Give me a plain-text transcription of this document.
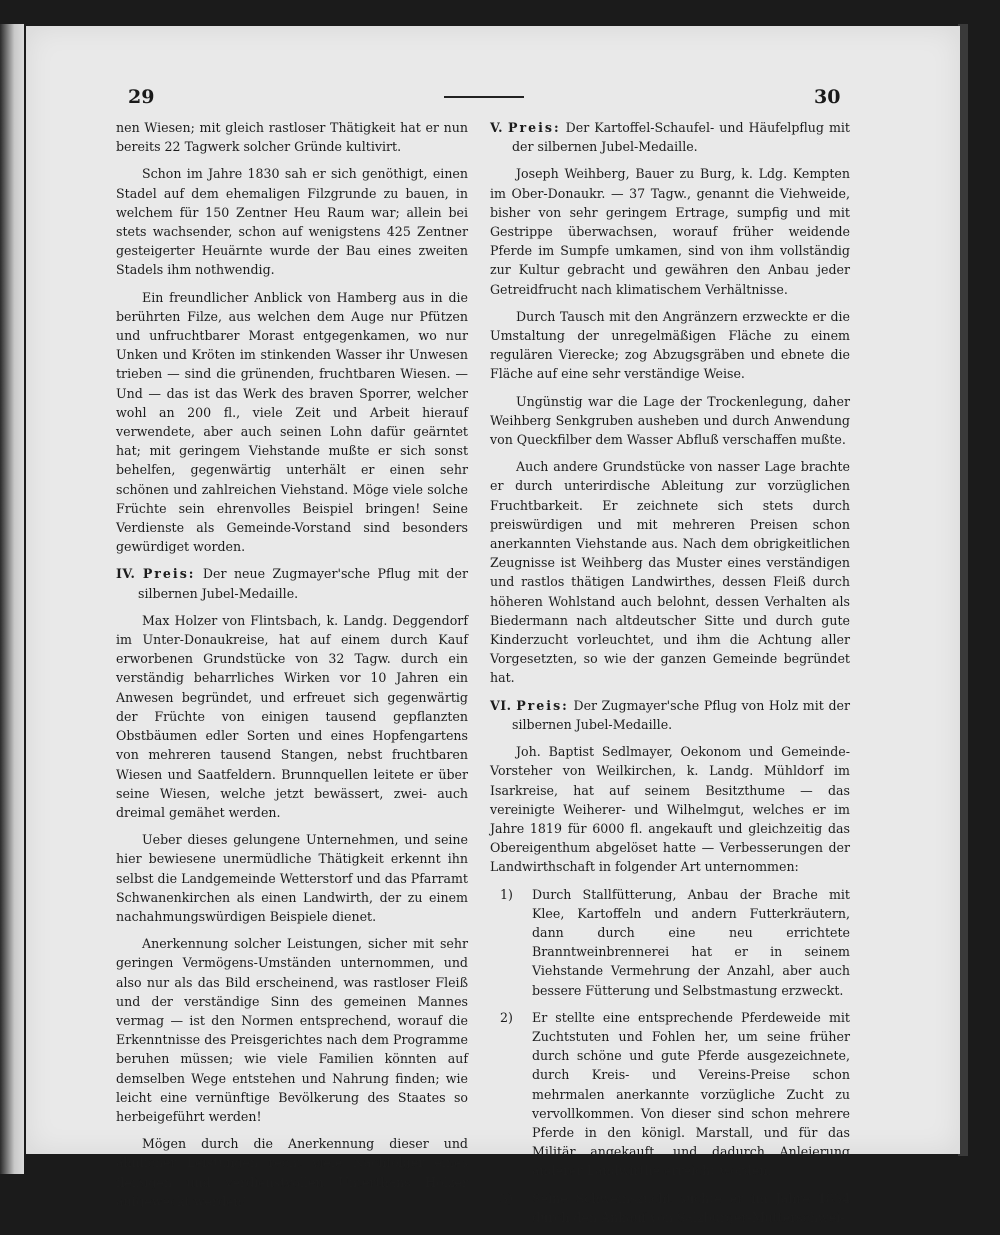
29	30

nen Wiesen; mit gleich rastloser Thätigkeit hat er nun bereits 22 Tagwerk solcher Gründe kultivirt.

Schon im Jahre 1830 sah er sich genöthigt, einen Stadel auf dem ehemaligen Filzgrunde zu bauen, in welchem für 150 Zentner Heu Raum war; allein bei stets wachsender, schon auf wenigstens 425 Zentner gesteigerter Heuärnte wurde der Bau eines zweiten Stadels ihm nothwendig.

Ein freundlicher Anblick von Hamberg aus in die berührten Filze, aus welchen dem Auge nur Pfützen und unfruchtbarer Morast entgegenkamen, wo nur Unken und Kröten im stinkenden Wasser ihr Unwesen trieben — sind die grünenden, fruchtbaren Wiesen. — Und — das ist das Werk des braven Sporrer, welcher wohl an 200 fl., viele Zeit und Arbeit hierauf verwendete, aber auch seinen Lohn dafür geärntet hat; mit geringem Viehstande mußte er sich sonst behelfen, gegenwärtig unterhält er einen sehr schönen und zahlreichen Viehstand. Möge viele solche Früchte sein ehrenvolles Beispiel bringen! Seine Verdienste als Gemeinde-Vorstand sind besonders gewürdiget worden.

IV. Preis: Der neue Zugmayer'sche Pflug mit der silbernen Jubel-Medaille.

Max Holzer von Flintsbach, k. Landg. Deggendorf im Unter-Donaukreise, hat auf einem durch Kauf erworbenen Grundstücke von 32 Tagw. durch ein verständig beharrliches Wirken vor 10 Jahren ein Anwesen begründet, und erfreuet sich gegenwärtig der Früchte von einigen tausend gepflanzten Obstbäumen edler Sorten und eines Hopfengartens von mehreren tausend Stangen, nebst fruchtbaren Wiesen und Saatfeldern. Brunnquellen leitete er über seine Wiesen, welche jetzt bewässert, zwei- auch dreimal gemähet werden.

Ueber dieses gelungene Unternehmen, und seine hier bewiesene unermüdliche Thätigkeit erkennt ihn selbst die Landgemeinde Wetterstorf und das Pfarramt Schwanenkirchen als einen Landwirth, der zu einem nachahmungswürdigen Beispiele dienet.

Anerkennung solcher Leistungen, sicher mit sehr geringen Vermögens-Umständen unternommen, und also nur als das Bild erscheinend, was rastloser Fleiß und der verständige Sinn des gemeinen Mannes vermag — ist den Normen entsprechend, worauf die Erkenntnisse des Preisgerichtes nach dem Programme beruhen müssen; wie viele Familien könnten auf demselben Wege entstehen und Nahrung finden; wie leicht eine vernünftige Bevölkerung des Staates so herbeigeführt werden!

Mögen durch die Anerkennung dieser und ähnlicher Leistungen recht viele Nachfolger eines fleißigen und verdienstvollen Unterthans Holzer aufgeweckt werden!

V. Preis: Der Kartoffel-Schaufel- und Häufelpflug mit der silbernen Jubel-Medaille.

Joseph Weihberg, Bauer zu Burg, k. Ldg. Kempten im Ober-Donaukr. — 37 Tagw., genannt die Viehweide, bisher von sehr geringem Ertrage, sumpfig und mit Gestrippe überwachsen, worauf früher weidende Pferde im Sumpfe umkamen, sind von ihm vollständig zur Kultur gebracht und gewähren den Anbau jeder Getreidfrucht nach klimatischem Verhältnisse.

Durch Tausch mit den Angränzern erzweckte er die Umstaltung der unregelmäßigen Fläche zu einem regulären Vierecke; zog Abzugsgräben und ebnete die Fläche auf eine sehr verständige Weise.

Ungünstig war die Lage der Trockenlegung, daher Weihberg Senkgruben ausheben und durch Anwendung von Queckfilber dem Wasser Abfluß verschaffen mußte.

Auch andere Grundstücke von nasser Lage brachte er durch unterirdische Ableitung zur vorzüglichen Fruchtbarkeit. Er zeichnete sich stets durch preiswürdigen und mit mehreren Preisen schon anerkannten Viehstande aus. Nach dem obrigkeitlichen Zeugnisse ist Weihberg das Muster eines verständigen und rastlos thätigen Landwirthes, dessen Fleiß durch höheren Wohlstand auch belohnt, dessen Verhalten als Biedermann nach altdeutscher Sitte und durch gute Kinderzucht vorleuchtet, und ihm die Achtung aller Vorgesetzten, so wie der ganzen Gemeinde begründet hat.

VI. Preis: Der Zugmayer'sche Pflug von Holz mit der silbernen Jubel-Medaille.

Joh. Baptist Sedlmayer, Oekonom und Gemeinde-Vorsteher von Weilkirchen, k. Landg. Mühldorf im Isarkreise, hat auf seinem Besitzthume — das vereinigte Weiherer- und Wilhelmgut, welches er im Jahre 1819 für 6000 fl. angekauft und gleichzeitig das Obereigenthum abgelöset hatte — Verbesserungen der Landwirthschaft in folgender Art unternommen:

1) Durch Stallfütterung, Anbau der Brache mit Klee, Kartoffeln und andern Futterkräutern, dann durch eine neu errichtete Branntweinbrennerei hat er in seinem Viehstande Vermehrung der Anzahl, aber auch bessere Fütterung und Selbstmastung erzweckt.
2) Er stellte eine entsprechende Pferdeweide mit Zuchtstuten und Fohlen her, um seine früher durch schöne und gute Pferde ausgezeichnete, durch Kreis- und Vereins-Preise schon mehrmalen anerkannte vorzügliche Zucht zu vervollkommen. Von dieser sind schon mehrere Pferde in den königl. Marstall, und für das Militär angekauft, und dadurch Anleierung anderer Landwirthe erreicht worden.
3) Seine Schweinszucht suchte er im Jahre 1834 durch den Ankauf von Salzburger-Mutterschwei-
